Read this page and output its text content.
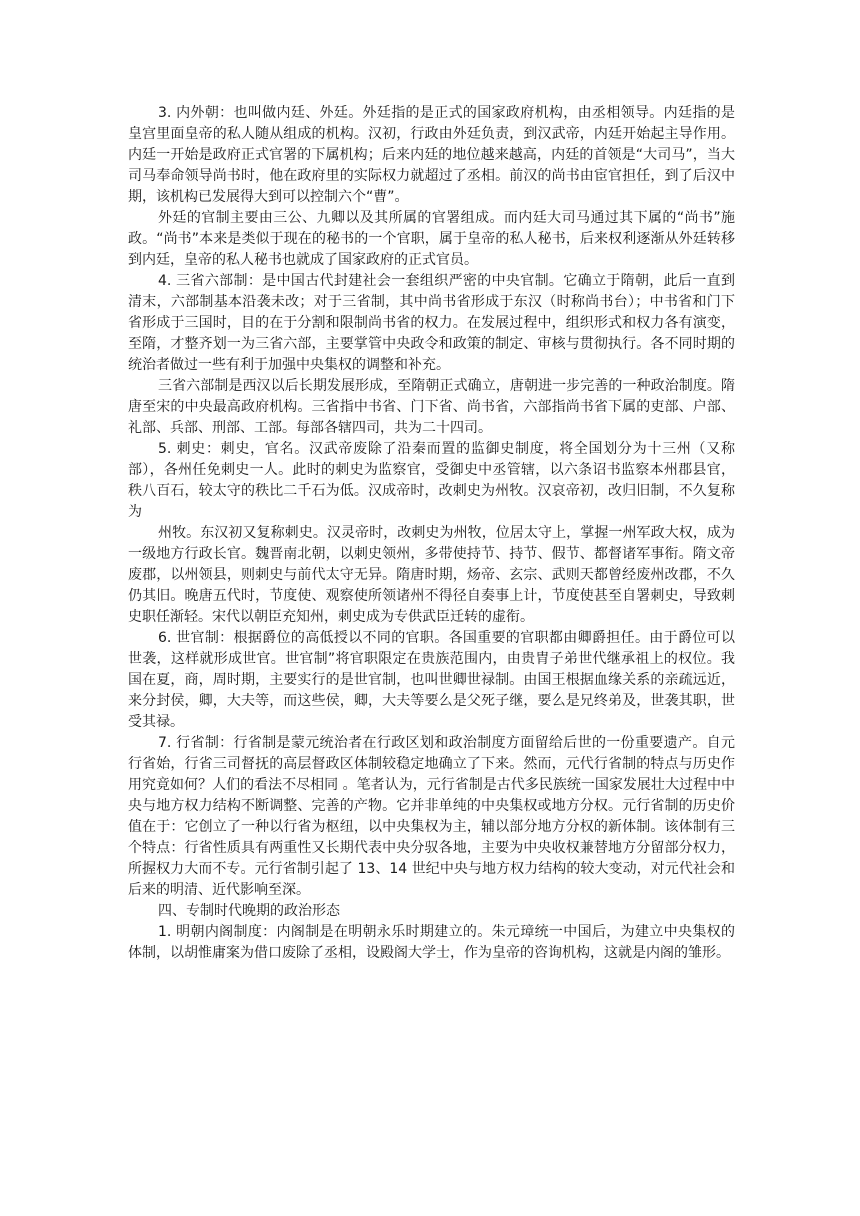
3. 内外朝：也叫做内廷、外廷。外廷指的是正式的国家政府机构，由丞相领导。内廷指的是皇宫里面皇帝的私人随从组成的机构。汉初，行政由外廷负责，到汉武帝，内廷开始起主导作用。内廷一开始是政府正式官署的下属机构；后来内廷的地位越来越高，内廷的首领是“大司马”，当大司马奉命领导尚书时，他在政府里的实际权力就超过了丞相。前汉的尚书由宦官担任，到了后汉中期，该机构已发展得大到可以控制六个“曹”。

外廷的官制主要由三公、九卿以及其所属的官署组成。而内廷大司马通过其下属的“尚书”施政。“尚书”本来是类似于现在的秘书的一个官职，属于皇帝的私人秘书，后来权利逐渐从外廷转移到内廷，皇帝的私人秘书也就成了国家政府的正式官员。

4. 三省六部制：是中国古代封建社会一套组织严密的中央官制。它确立于隋朝，此后一直到清末，六部制基本沿袭未改；对于三省制，其中尚书省形成于东汉（时称尚书台）；中书省和门下省形成于三国时，目的在于分割和限制尚书省的权力。在发展过程中，组织形式和权力各有演变，至隋，才整齐划一为三省六部，主要掌管中央政令和政策的制定、审核与贯彻执行。各不同时期的统治者做过一些有利于加强中央集权的调整和补充。

三省六部制是西汉以后长期发展形成，至隋朝正式确立，唐朝进一步完善的一种政治制度。隋唐至宋的中央最高政府机构。三省指中书省、门下省、尚书省，六部指尚书省下属的吏部、户部、礼部、兵部、刑部、工部。每部各辖四司，共为二十四司。

5. 刺史：刺史，官名。汉武帝废除了沿秦而置的监御史制度，将全国划分为十三州（又称部），各州任免刺史一人。此时的刺史为监察官，受御史中丞管辖，以六条诏书监察本州郡县官，秩八百石，较太守的秩比二千石为低。汉成帝时，改刺史为州牧。汉哀帝初，改归旧制，不久复称为

州牧。东汉初又复称刺史。汉灵帝时，改刺史为州牧，位居太守上，掌握一州军政大权，成为一级地方行政长官。魏晋南北朝，以刺史领州，多带使持节、持节、假节、都督诸军事衔。隋文帝废郡，以州领县，则刺史与前代太守无异。隋唐时期，炀帝、玄宗、武则天都曾经废州改郡，不久仍其旧。晚唐五代时，节度使、观察使所领诸州不得径自奏事上计，节度使甚至自署刺史，导致刺史职任渐轻。宋代以朝臣充知州，刺史成为专供武臣迁转的虚衔。

6. 世官制：根据爵位的高低授以不同的官职。各国重要的官职都由卿爵担任。由于爵位可以世袭，这样就形成世官。世官制”将官职限定在贵族范围内，由贵胄子弟世代继承祖上的权位。我国在夏，商，周时期，主要实行的是世官制，也叫世卿世禄制。由国王根据血缘关系的亲疏远近，来分封侯，卿，大夫等，而这些侯，卿，大夫等要么是父死子继，要么是兄终弟及，世袭其职，世受其禄。

7. 行省制：行省制是蒙元统治者在行政区划和政治制度方面留给后世的一份重要遗产。自元行省始，行省三司督抚的高层督政区体制较稳定地确立了下来。然而，元代行省制的特点与历史作用究竟如何？人们的看法不尽相同 。笔者认为，元行省制是古代多民族统一国家发展壮大过程中中央与地方权力结构不断调整、完善的产物。它并非单纯的中央集权或地方分权。元行省制的历史价值在于：它创立了一种以行省为枢纽，以中央集权为主，辅以部分地方分权的新体制。该体制有三个特点：行省性质具有两重性又长期代表中央分驭各地，主要为中央收权兼替地方分留部分权力，所握权力大而不专。元行省制引起了 13、14 世纪中央与地方权力结构的较大变动，对元代社会和后来的明清、近代影响至深。

四、专制时代晚期的政治形态

1. 明朝内阁制度：内阁制是在明朝永乐时期建立的。朱元璋统一中国后，为建立中央集权的体制，以胡惟庸案为借口废除了丞相，设殿阁大学士，作为皇帝的咨询机构，这就是内阁的雏形。
